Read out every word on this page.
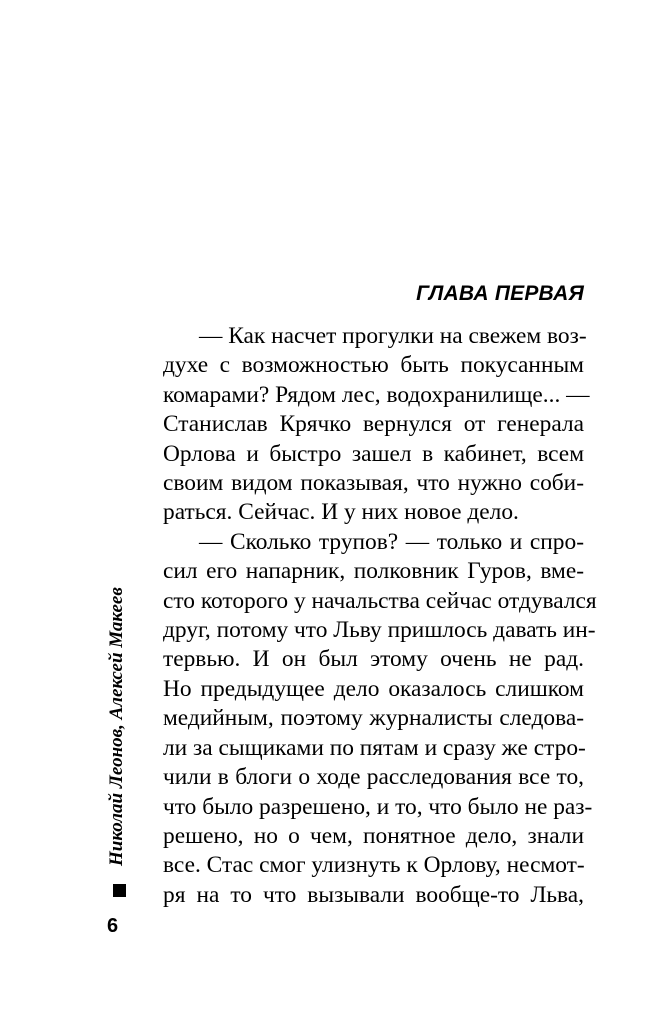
ГЛАВА ПЕРВАЯ
— Как насчет прогулки на свежем воз-
духе с возможностью быть покусанным
комарами? Рядом лес, водохранилище... —
Станислав Крячко вернулся от генерала
Орлова и быстро зашел в кабинет, всем
своим видом показывая, что нужно соби-
раться. Сейчас. И у них новое дело.
— Сколько трупов? — только и спро-
сил его напарник, полковник Гуров, вме-
сто которого у начальства сейчас отдувался
друг, потому что Льву пришлось давать ин-
тервью. И он был этому очень не рад.
Но предыдущее дело оказалось слишком
медийным, поэтому журналисты следова-
ли за сыщиками по пятам и сразу же стро-
чили в блоги о ходе расследования все то,
что было разрешено, и то, что было не раз-
решено, но о чем, понятное дело, знали
все. Стас смог улизнуть к Орлову, несмот-
ря на то что вызывали вообще-то Льва,
Николай Леонов, Алексей Макеев
6
